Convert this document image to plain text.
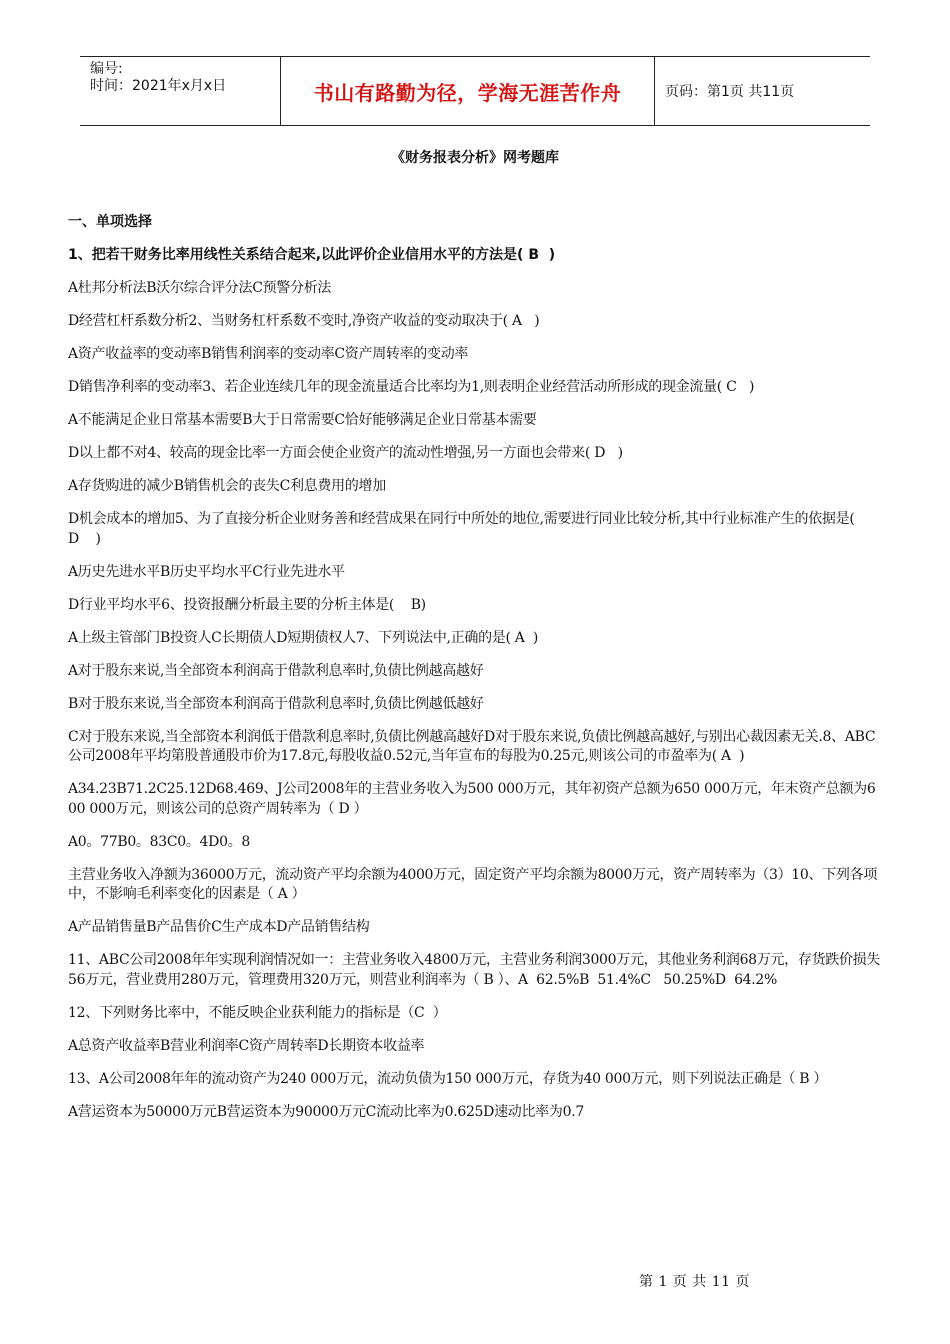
编号:
时间：2021年x月x日	书山有路勤为径，学海无涯苦作舟	页码：第1页 共11页
《财务报表分析》网考题库

一、单项选择

1、把若干财务比率用线性关系结合起来,以此评价企业信用水平的方法是( B  )

A杜邦分析法B沃尔综合评分法C预警分析法

D经营杠杆系数分析2、当财务杠杆系数不变时,净资产收益的变动取决于( A   )

A资产收益率的变动率B销售利润率的变动率C资产周转率的变动率

D销售净利率的变动率3、若企业连续几年的现金流量适合比率均为1,则表明企业经营活动所形成的现金流量( C   )

A不能满足企业日常基本需要B大于日常需要C恰好能够满足企业日常基本需要

D以上都不对4、较高的现金比率一方面会使企业资产的流动性增强,另一方面也会带来( D   )

A存货购进的减少B销售机会的丧失C利息费用的增加

D机会成本的增加5、为了直接分析企业财务善和经营成果在同行中所处的地位,需要进行同业比较分析,其中行业标准产生的依据是(    D    )

A历史先进水平B历史平均水平C行业先进水平

D行业平均水平6、投资报酬分析最主要的分析主体是(    B)

A上级主管部门B投资人C长期债人D短期债权人7、下列说法中,正确的是( A  )

A对于股东来说,当全部资本利润高于借款利息率时,负债比例越高越好

B对于股东来说,当全部资本利润高于借款利息率时,负债比例越低越好

C对于股东来说,当全部资本利润低于借款利息率时,负债比例越高越好D对于股东来说,负债比例越高越好,与别出心裁因素无关.8、ABC公司2008年平均第股普通股市价为17.8元,每股收益0.52元,当年宣布的每股为0.25元,则该公司的市盈率为( A  )

A34.23B71.2C25.12D68.469、J公司2008年的主营业务收入为500 000万元，其年初资产总额为650 000万元，年末资产总额为600 000万元，则该公司的总资产周转率为（ D ）

A0。77B0。83C0。4D0。8

主营业务收入净额为36000万元，流动资产平均余额为4000万元，固定资产平均余额为8000万元，资产周转率为（3）10、下列各项中，不影响毛利率变化的因素是（ A ）

A产品销售量B产品售价C生产成本D产品销售结构

11、ABC公司2008年年实现利润情况如一：主营业务收入4800万元，主营业务利润3000万元，其他业务利润68万元，存货跌价损失56万元，营业费用280万元，管理费用320万元，则营业利润率为（ B ）、A  62.5%B  51.4%C   50.25%D  64.2%

12、下列财务比率中，不能反映企业获利能力的指标是（C  ）

A总资产收益率B营业利润率C资产周转率D长期资本收益率

13、A公司2008年年的流动资产为240 000万元，流动负债为150 000万元，存货为40 000万元，则下列说法正确是（ B ）

A营运资本为50000万元B营运资本为90000万元C流动比率为0.625D速动比率为0.7

第 1 页 共 11 页
